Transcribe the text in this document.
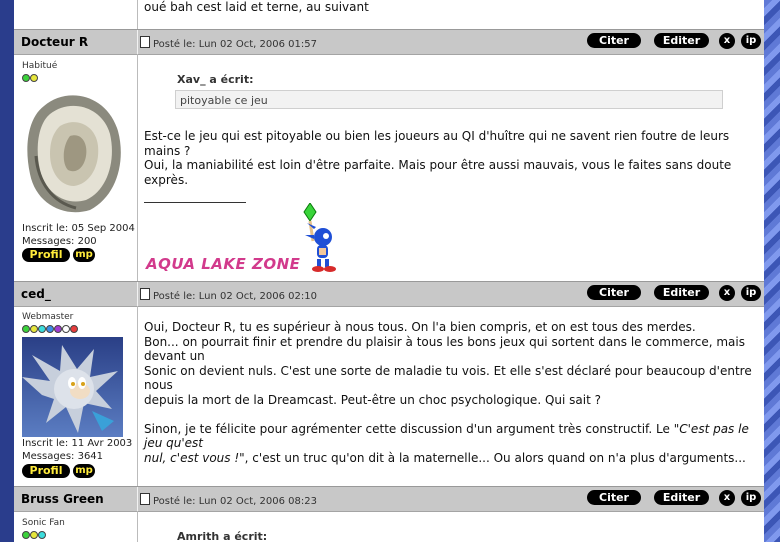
oué bah cest laid et terne, au suivant
Docteur R	Posté le: Lun 02 Oct, 2006 01:57	Citer	Editer	x	ip
Habitué
Inscrit le: 05 Sep 2004
Messages: 200
Profil	mp
Xav_ a écrit:
pitoyable ce jeu
Est-ce le jeu qui est pitoyable ou bien les joueurs au QI d'huître qui ne savent rien foutre de leurs mains ?
Oui, la maniabilité est loin d'être parfaite. Mais pour être aussi mauvais, vous le faites sans doute exprès.
AQUA LAKE ZONE
ced_	Posté le: Lun 02 Oct, 2006 02:10	Citer	Editer	x	ip
Webmaster
Inscrit le: 11 Avr 2003
Messages: 3641
Profil	mp
Oui, Docteur R, tu es supérieur à nous tous. On l'a bien compris, et on est tous des merdes.
Bon... on pourrait finir et prendre du plaisir à tous les bons jeux qui sortent dans le commerce, mais devant un
Sonic on devient nuls. C'est une sorte de maladie tu vois. Et elle s'est déclaré pour beaucoup d'entre nous
depuis la mort de la Dreamcast. Peut-être un choc psychologique. Qui sait ?
Sinon, je te félicite pour agrémenter cette discussion d'un argument très constructif. Le "C'est pas le jeu qu'est
nul, c'est vous !", c'est un truc qu'on dit à la maternelle... Ou alors quand on n'a plus d'arguments...
Bruss Green	Posté le: Lun 02 Oct, 2006 08:23	Citer	Editer	x	ip
Sonic Fan
Amrith a écrit:
